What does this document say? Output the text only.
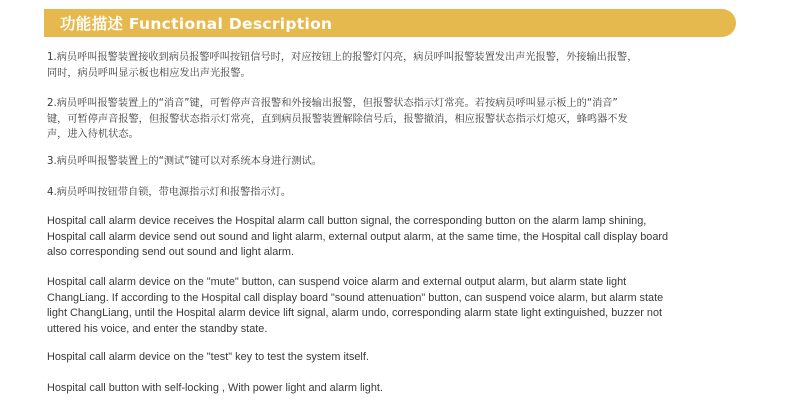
功能描述 Functional Description

1.病员呼叫报警装置接收到病员报警呼叫按钮信号时，对应按钮上的报警灯闪亮，病员呼叫报警装置发出声光报警，外接输出报警，
同时，病员呼叫显示板也相应发出声光报警。

2.病员呼叫报警装置上的“消音”键，可暂停声音报警和外接输出报警，但报警状态指示灯常亮。若按病员呼叫显示板上的“消音”
键，可暂停声音报警，但报警状态指示灯常亮，直到病员报警装置解除信号后，报警撤消，相应报警状态指示灯熄灭，蜂鸣器不发
声，进入待机状态。

3.病员呼叫报警装置上的“测试”键可以对系统本身进行测试。

4.病员呼叫按钮带自锁，带电源指示灯和报警指示灯。

Hospital call alarm device receives the Hospital alarm call button signal, the corresponding button on the alarm lamp shining,
Hospital call alarm device send out sound and light alarm, external output alarm, at the same time, the Hospital call display board
also corresponding send out sound and light alarm.

Hospital call alarm device on the "mute" button, can suspend voice alarm and external output alarm, but alarm state light
ChangLiang. If according to the Hospital call display board "sound attenuation" button, can suspend voice alarm, but alarm state
light ChangLiang, until the Hospital alarm device lift signal, alarm undo, corresponding alarm state light extinguished, buzzer not
uttered his voice, and enter the standby state.

Hospital call alarm device on the "test" key to test the system itself.

Hospital call button with self-locking , With power light and alarm light.
